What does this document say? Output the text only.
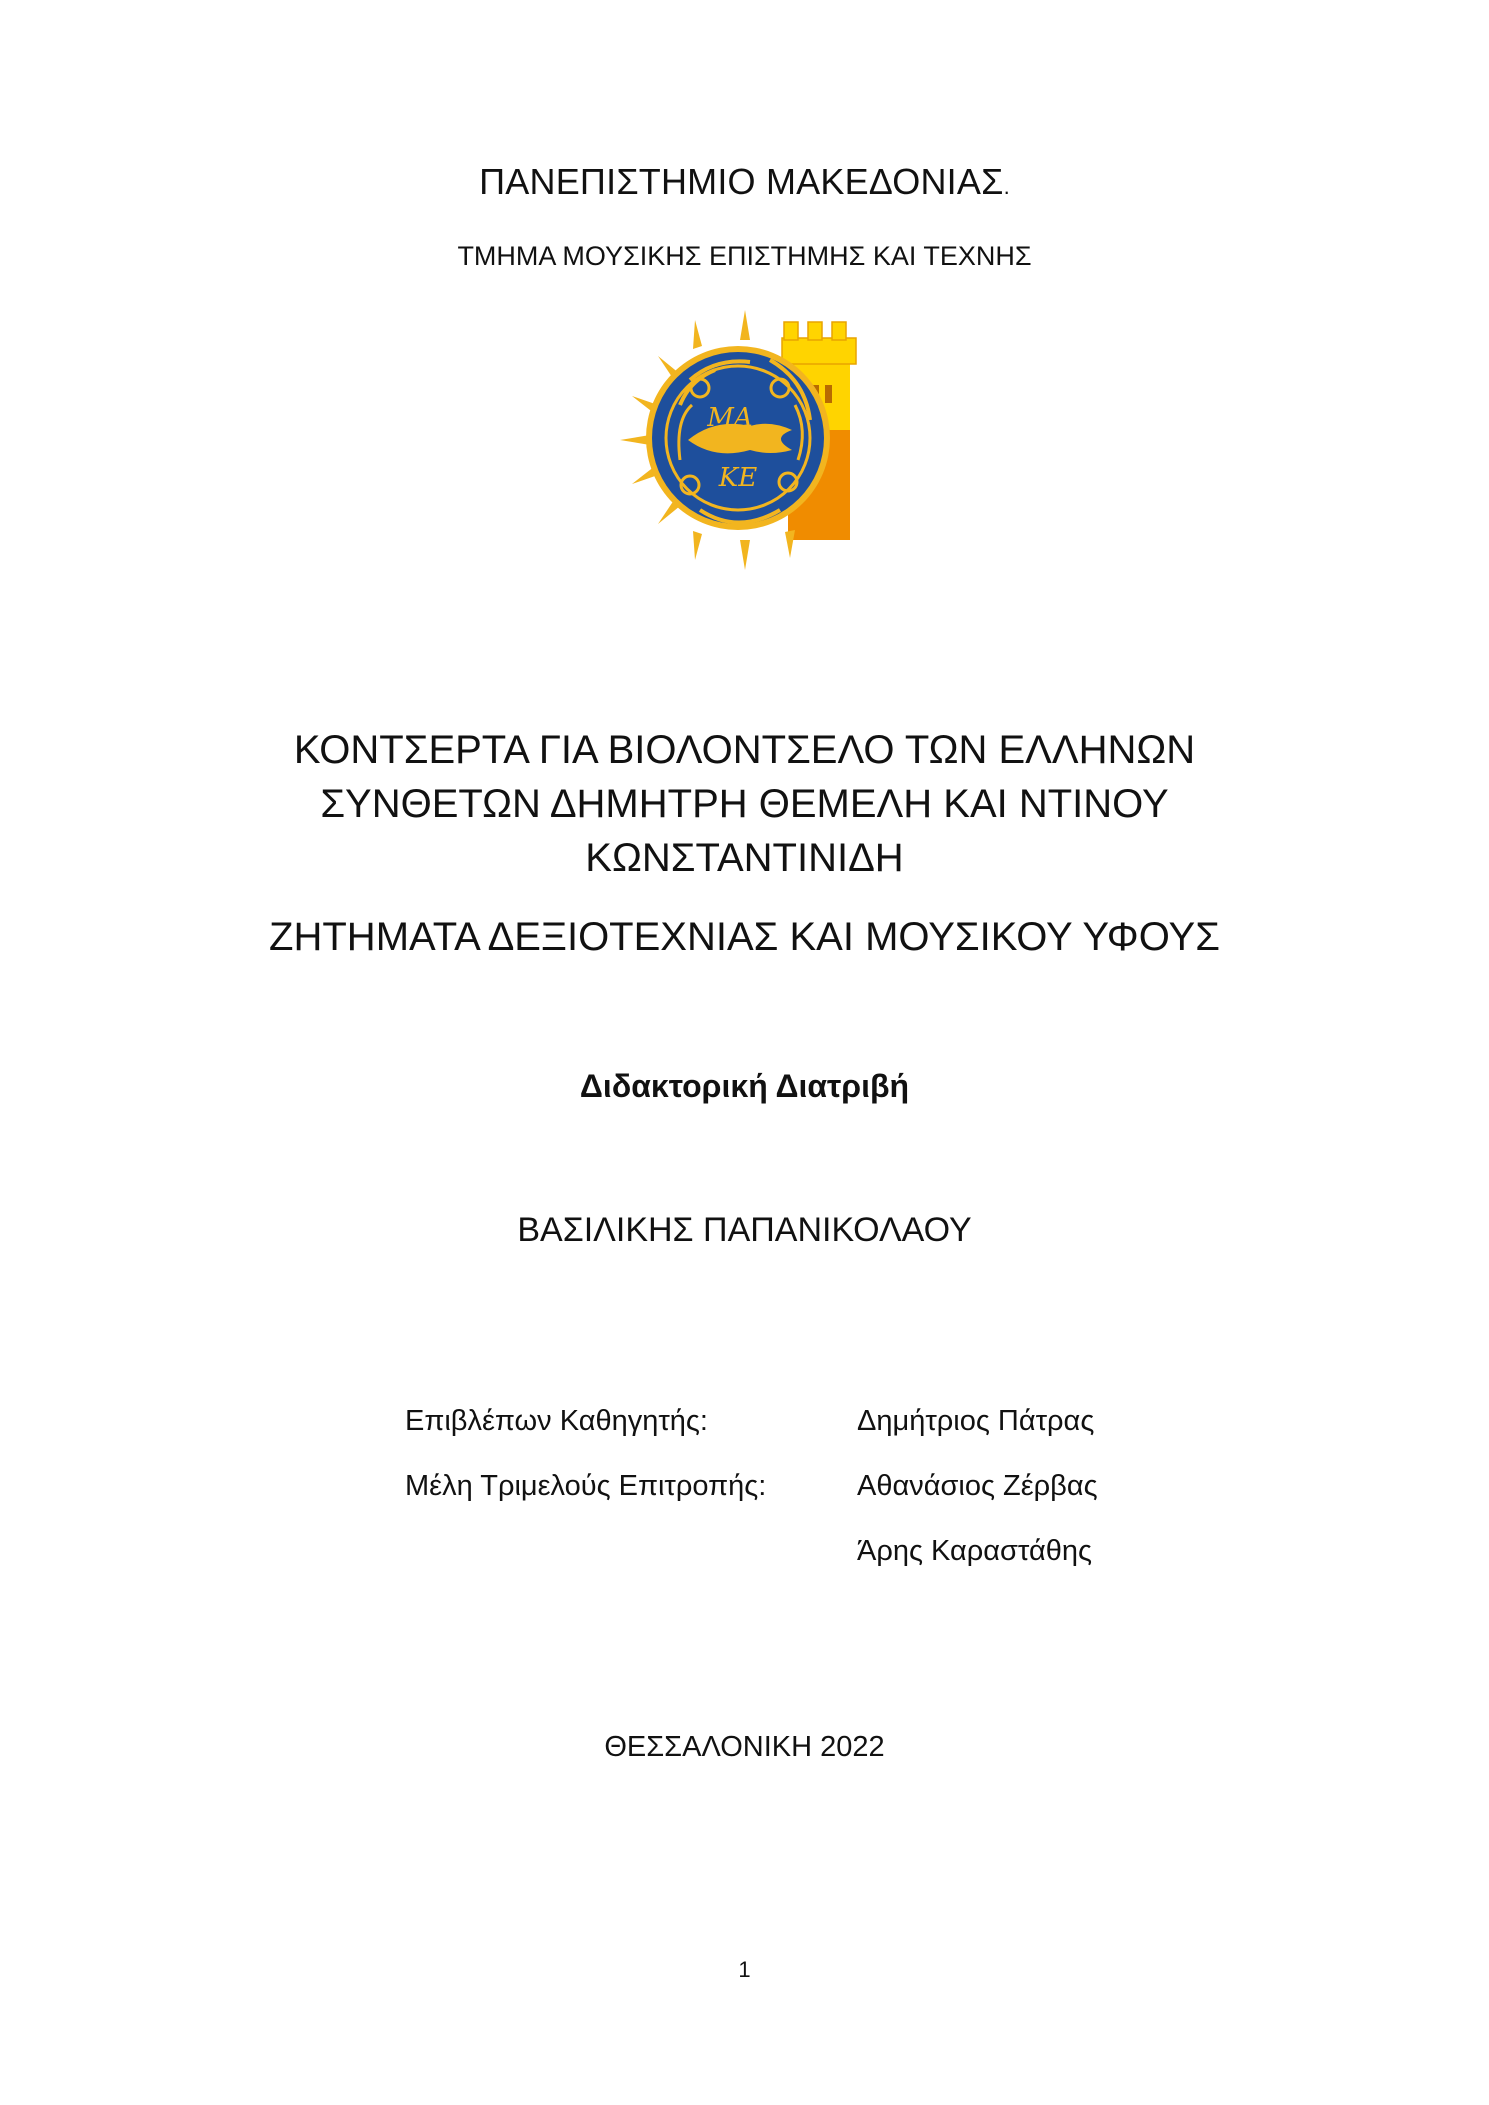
ΠΑΝΕΠΙΣΤΗΜΙΟ ΜΑΚΕΔΟΝΙΑΣ.
ΤΜΗΜΑ ΜΟΥΣΙΚΗΣ ΕΠΙΣΤΗΜΗΣ ΚΑΙ ΤΕΧΝΗΣ
ΜΑ
ΚΕ
ΚΟΝΤΣΕΡΤΑ ΓΙΑ ΒΙΟΛΟΝΤΣΕΛΟ ΤΩΝ ΕΛΛΗΝΩΝ
ΣΥΝΘΕΤΩΝ ΔΗΜΗΤΡΗ ΘΕΜΕΛΗ ΚΑΙ ΝΤΙΝΟΥ
ΚΩΝΣΤΑΝΤΙΝΙΔΗ
ΖΗΤΗΜΑΤΑ ΔΕΞΙΟΤΕΧΝΙΑΣ ΚΑΙ ΜΟΥΣΙΚΟΥ ΥΦΟΥΣ
Διδακτορική Διατριβή
ΒΑΣΙΛΙΚΗΣ ΠΑΠΑΝΙΚΟΛΑΟΥ
Επιβλέπων Καθηγητής:	Δημήτριος Πάτρας
Μέλη Τριμελούς Επιτροπής:	Αθανάσιος Ζέρβας
Άρης Καραστάθης
ΘΕΣΣΑΛΟΝΙΚΗ 2022
1
